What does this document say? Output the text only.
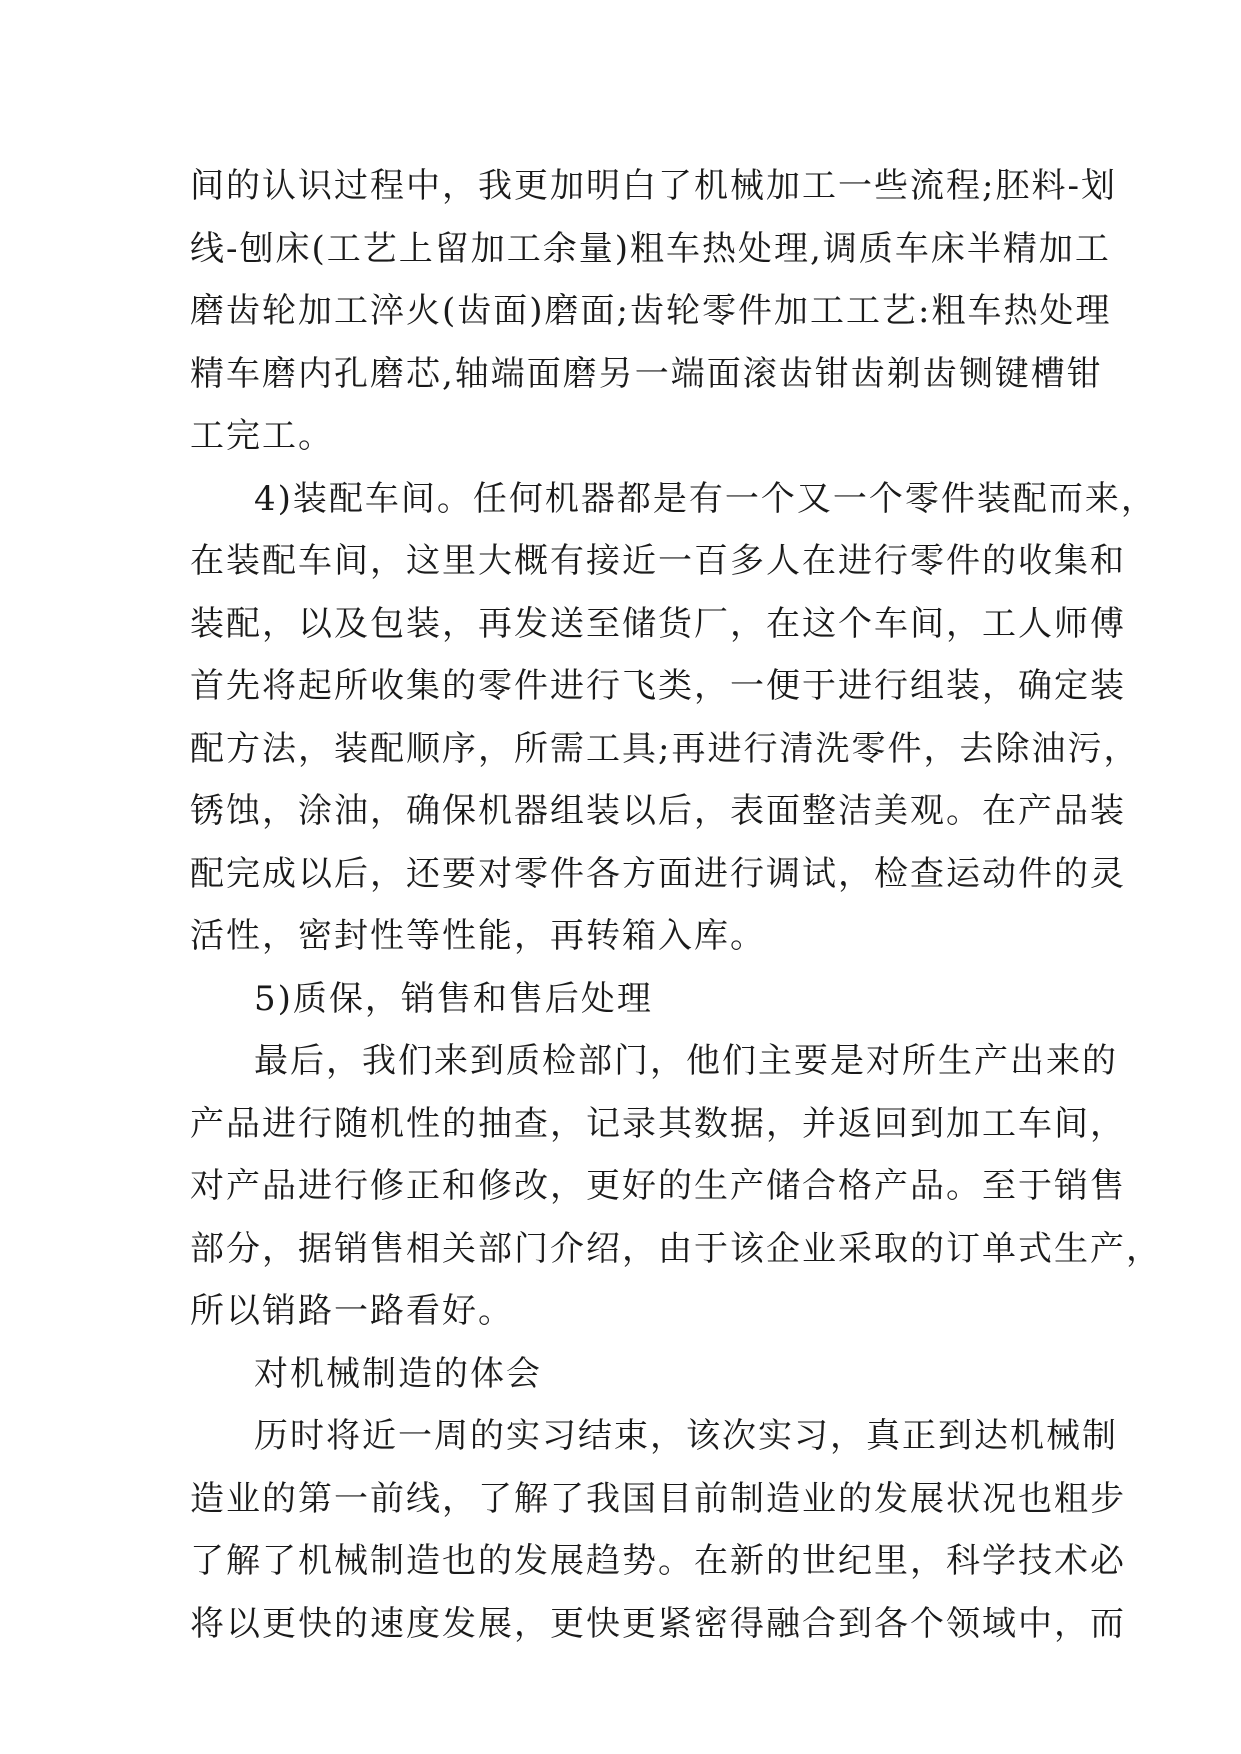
间的认识过程中，我更加明白了机械加工一些流程;胚料-划
线-刨床(工艺上留加工余量)粗车热处理,调质车床半精加工
磨齿轮加工淬火(齿面)磨面;齿轮零件加工工艺:粗车热处理
精车磨内孔磨芯,轴端面磨另一端面滚齿钳齿剃齿铡键槽钳
工完工。
4)装配车间。任何机器都是有一个又一个零件装配而来，
在装配车间，这里大概有接近一百多人在进行零件的收集和
装配，以及包装，再发送至储货厂，在这个车间，工人师傅
首先将起所收集的零件进行飞类，一便于进行组装，确定装
配方法，装配顺序，所需工具;再进行清洗零件，去除油污，
锈蚀，涂油，确保机器组装以后，表面整洁美观。在产品装
配完成以后，还要对零件各方面进行调试，检查运动件的灵
活性，密封性等性能，再转箱入库。
5)质保，销售和售后处理
最后，我们来到质检部门，他们主要是对所生产出来的
产品进行随机性的抽查，记录其数据，并返回到加工车间，
对产品进行修正和修改，更好的生产储合格产品。至于销售
部分，据销售相关部门介绍，由于该企业采取的订单式生产，
所以销路一路看好。
对机械制造的体会
历时将近一周的实习结束，该次实习，真正到达机械制
造业的第一前线，了解了我国目前制造业的发展状况也粗步
了解了机械制造也的发展趋势。在新的世纪里，科学技术必
将以更快的速度发展，更快更紧密得融合到各个领域中，而
